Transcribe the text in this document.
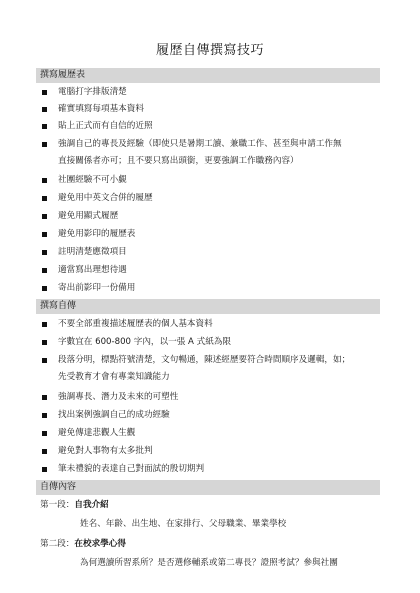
履歷自傳撰寫技巧
撰寫履歷表
電腦打字排版清楚
確實填寫每項基本資料
貼上正式而有自信的近照
強調自己的專長及經驗（即使只是暑期工讀、兼職工作、甚至與申請工作無
直接關係者亦可；且不要只寫出頭銜，更要強調工作職務內容）
社團經驗不可小覷
避免用中英文合併的履歷
避免用顯式履歷
避免用影印的履歷表
註明清楚應徵項目
適當寫出理想待遇
寄出前影印一份備用
撰寫自傳
不要全部重複描述履歷表的個人基本資料
字數宜在 600-800 字內，以一張 A 式紙為限
段落分明，標點符號清楚，文句暢通，陳述經歷要符合時間順序及邏輯，如；
先受教育才會有專業知識能力
強調專長、潛力及未來的可塑性
找出案例強調自己的成功經驗
避免傳達悲觀人生觀
避免對人事物有太多批判
筆未禮貌的表達自己對面試的殷切期判
自傳內容
第一段：自我介紹
姓名、年齡、出生地、在家排行、父母職業、畢業學校
第二段：在校求學心得
為何選讀所習系所？是否選修輔系或第二專長？證照考試？參與社團
